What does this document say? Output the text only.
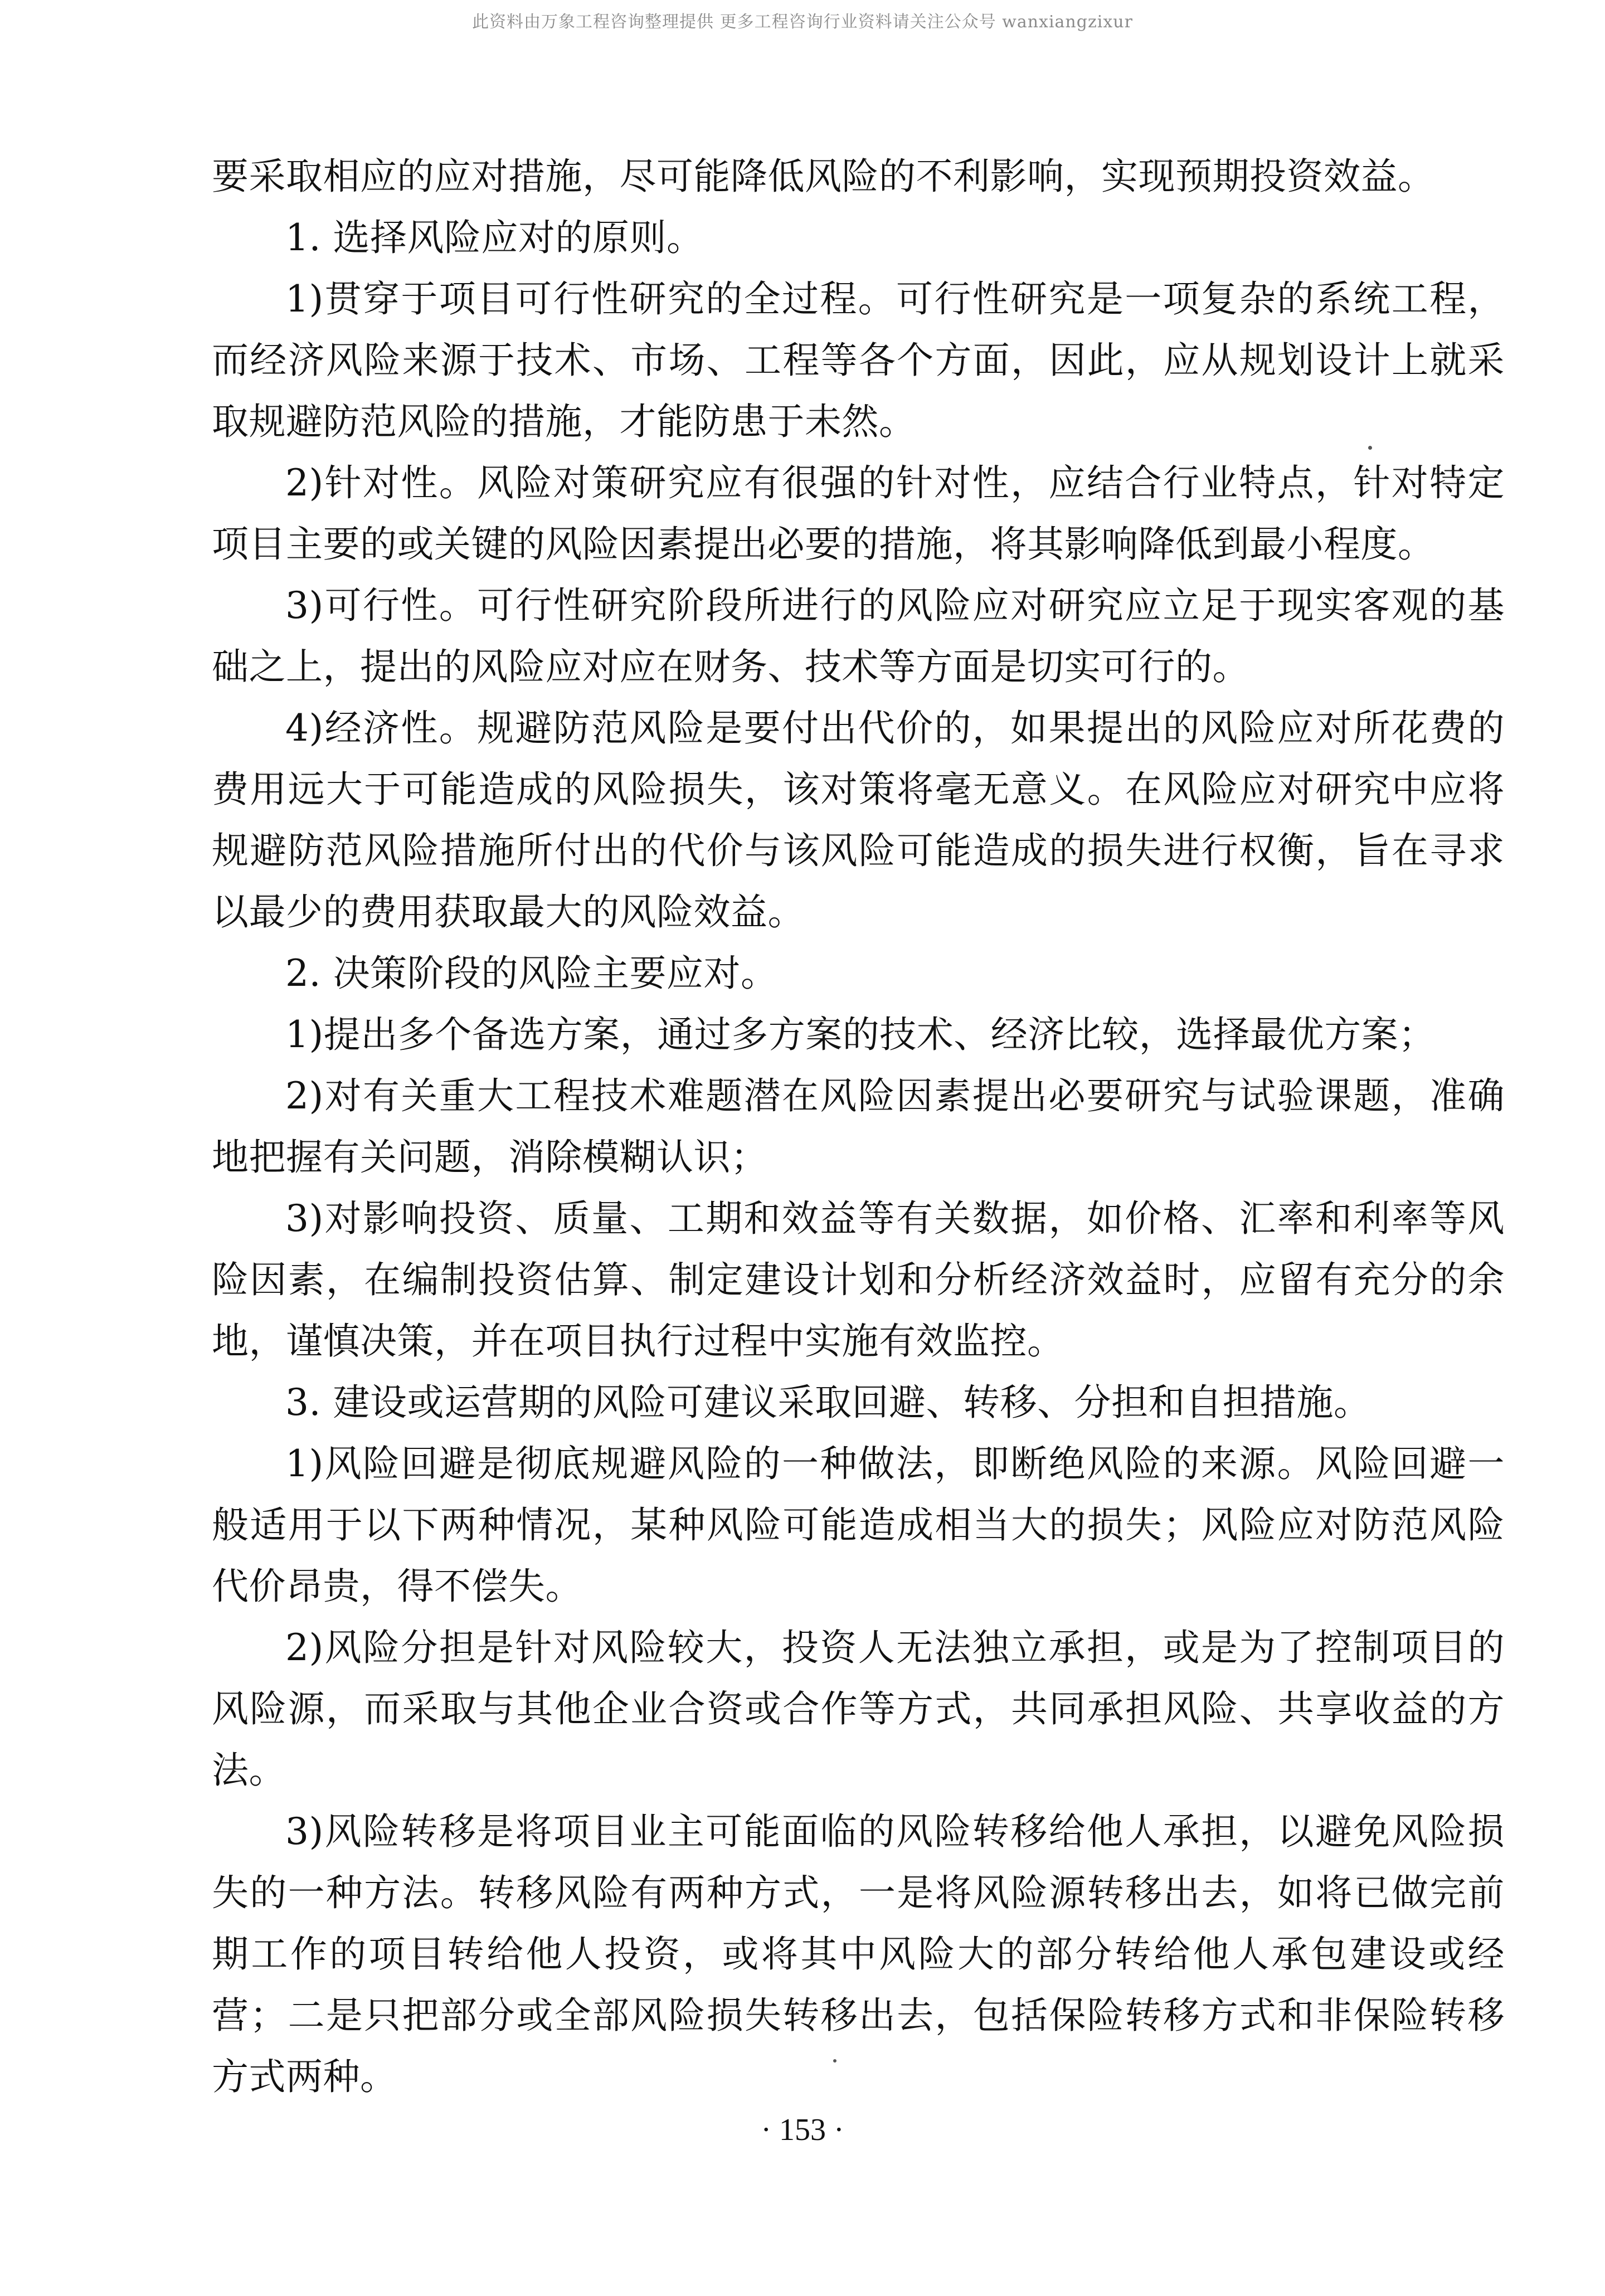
此资料由万象工程咨询整理提供 更多工程咨询行业资料请关注公众号 wanxiangzixur

要采取相应的应对措施，尽可能降低风险的不利影响，实现预期投资效益。

1. 选择风险应对的原则。

1)贯穿于项目可行性研究的全过程。可行性研究是一项复杂的系统工程，而经济风险来源于技术、市场、工程等各个方面，因此，应从规划设计上就采取规避防范风险的措施，才能防患于未然。

2)针对性。风险对策研究应有很强的针对性，应结合行业特点，针对特定项目主要的或关键的风险因素提出必要的措施，将其影响降低到最小程度。

3)可行性。可行性研究阶段所进行的风险应对研究应立足于现实客观的基础之上，提出的风险应对应在财务、技术等方面是切实可行的。

4)经济性。规避防范风险是要付出代价的，如果提出的风险应对所花费的费用远大于可能造成的风险损失，该对策将毫无意义。在风险应对研究中应将规避防范风险措施所付出的代价与该风险可能造成的损失进行权衡，旨在寻求以最少的费用获取最大的风险效益。

2. 决策阶段的风险主要应对。

1)提出多个备选方案，通过多方案的技术、经济比较，选择最优方案；

2)对有关重大工程技术难题潜在风险因素提出必要研究与试验课题，准确地把握有关问题，消除模糊认识；

3)对影响投资、质量、工期和效益等有关数据，如价格、汇率和利率等风险因素，在编制投资估算、制定建设计划和分析经济效益时，应留有充分的余地，谨慎决策，并在项目执行过程中实施有效监控。

3. 建设或运营期的风险可建议采取回避、转移、分担和自担措施。

1)风险回避是彻底规避风险的一种做法，即断绝风险的来源。风险回避一般适用于以下两种情况，某种风险可能造成相当大的损失；风险应对防范风险代价昂贵，得不偿失。

2)风险分担是针对风险较大，投资人无法独立承担，或是为了控制项目的风险源，而采取与其他企业合资或合作等方式，共同承担风险、共享收益的方法。

3)风险转移是将项目业主可能面临的风险转移给他人承担，以避免风险损失的一种方法。转移风险有两种方式，一是将风险源转移出去，如将已做完前期工作的项目转给他人投资，或将其中风险大的部分转给他人承包建设或经营；二是只把部分或全部风险损失转移出去，包括保险转移方式和非保险转移方式两种。

· 153 ·
